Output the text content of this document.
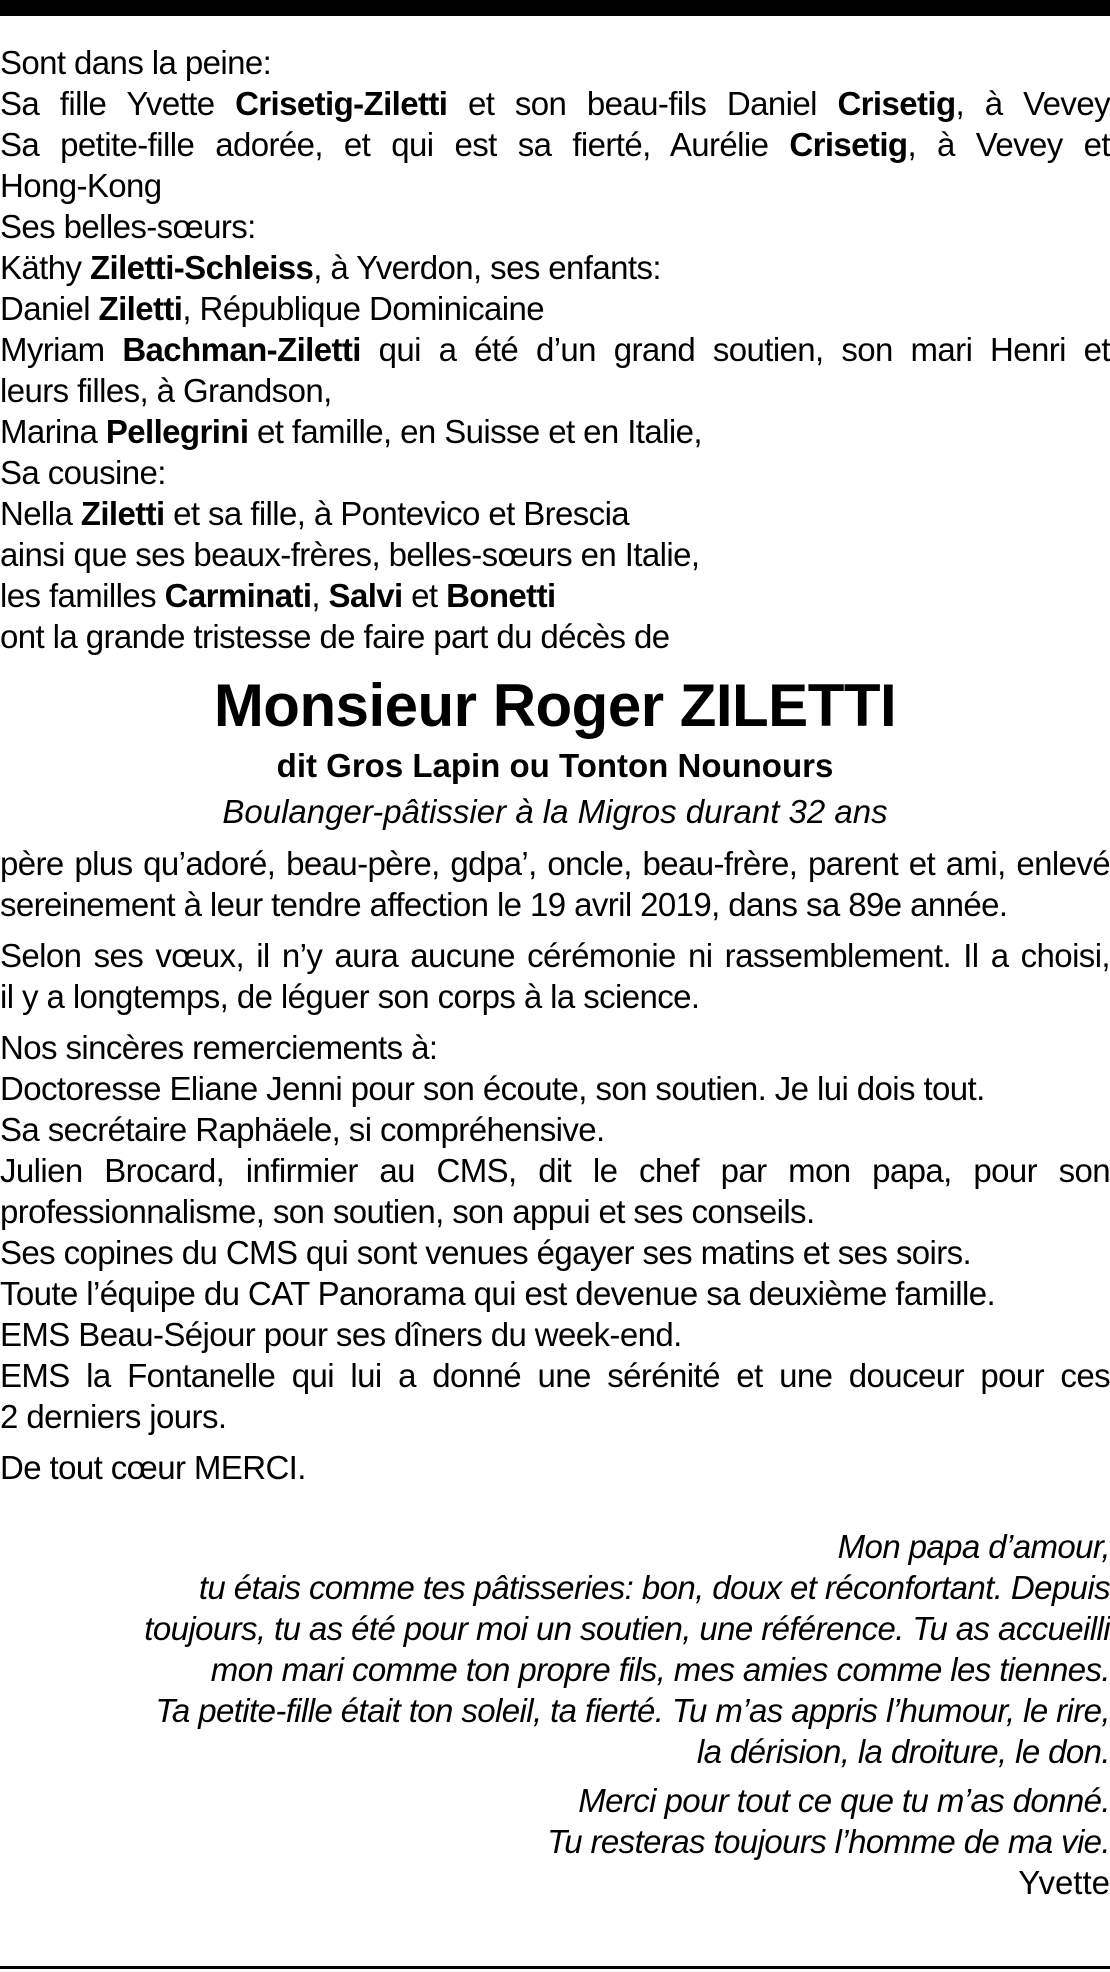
Sont dans la peine:
Sa fille Yvette Crisetig-Ziletti et son beau-fils Daniel Crisetig, à Vevey
Sa petite-fille adorée, et qui est sa fierté, Aurélie Crisetig, à Vevey et
Hong-Kong
Ses belles-sœurs:
Käthy Ziletti-Schleiss, à Yverdon, ses enfants:
Daniel Ziletti, République Dominicaine
Myriam Bachman-Ziletti qui a été d’un grand soutien, son mari Henri et
leurs filles, à Grandson,
Marina Pellegrini et famille, en Suisse et en Italie,
Sa cousine:
Nella Ziletti et sa fille, à Pontevico et Brescia
ainsi que ses beaux-frères, belles-sœurs en Italie,
les familles Carminati, Salvi et Bonetti
ont la grande tristesse de faire part du décès de
Monsieur Roger ZILETTI
dit Gros Lapin ou Tonton Nounours
Boulanger-pâtissier à la Migros durant 32 ans
père plus qu’adoré, beau-père, gdpa’, oncle, beau-frère, parent et ami, enlevé
sereinement à leur tendre affection le 19 avril 2019, dans sa 89e année.
Selon ses vœux, il n’y aura aucune cérémonie ni rassemblement. Il a choisi,
il y a longtemps, de léguer son corps à la science.
Nos sincères remerciements à:
Doctoresse Eliane Jenni pour son écoute, son soutien. Je lui dois tout.
Sa secrétaire Raphäele, si compréhensive.
Julien Brocard, infirmier au CMS, dit le chef par mon papa, pour son
professionnalisme, son soutien, son appui et ses conseils.
Ses copines du CMS qui sont venues égayer ses matins et ses soirs.
Toute l’équipe du CAT Panorama qui est devenue sa deuxième famille.
EMS Beau-Séjour pour ses dîners du week-end.
EMS la Fontanelle qui lui a donné une sérénité et une douceur pour ces
2 derniers jours.
De tout cœur MERCI.
Mon papa d’amour,
tu étais comme tes pâtisseries: bon, doux et réconfortant. Depuis
toujours, tu as été pour moi un soutien, une référence. Tu as accueilli
mon mari comme ton propre fils, mes amies comme les tiennes.
Ta petite-fille était ton soleil, ta fierté. Tu m’as appris l’humour, le rire,
la dérision, la droiture, le don.
Merci pour tout ce que tu m’as donné.
Tu resteras toujours l’homme de ma vie.
Yvette
